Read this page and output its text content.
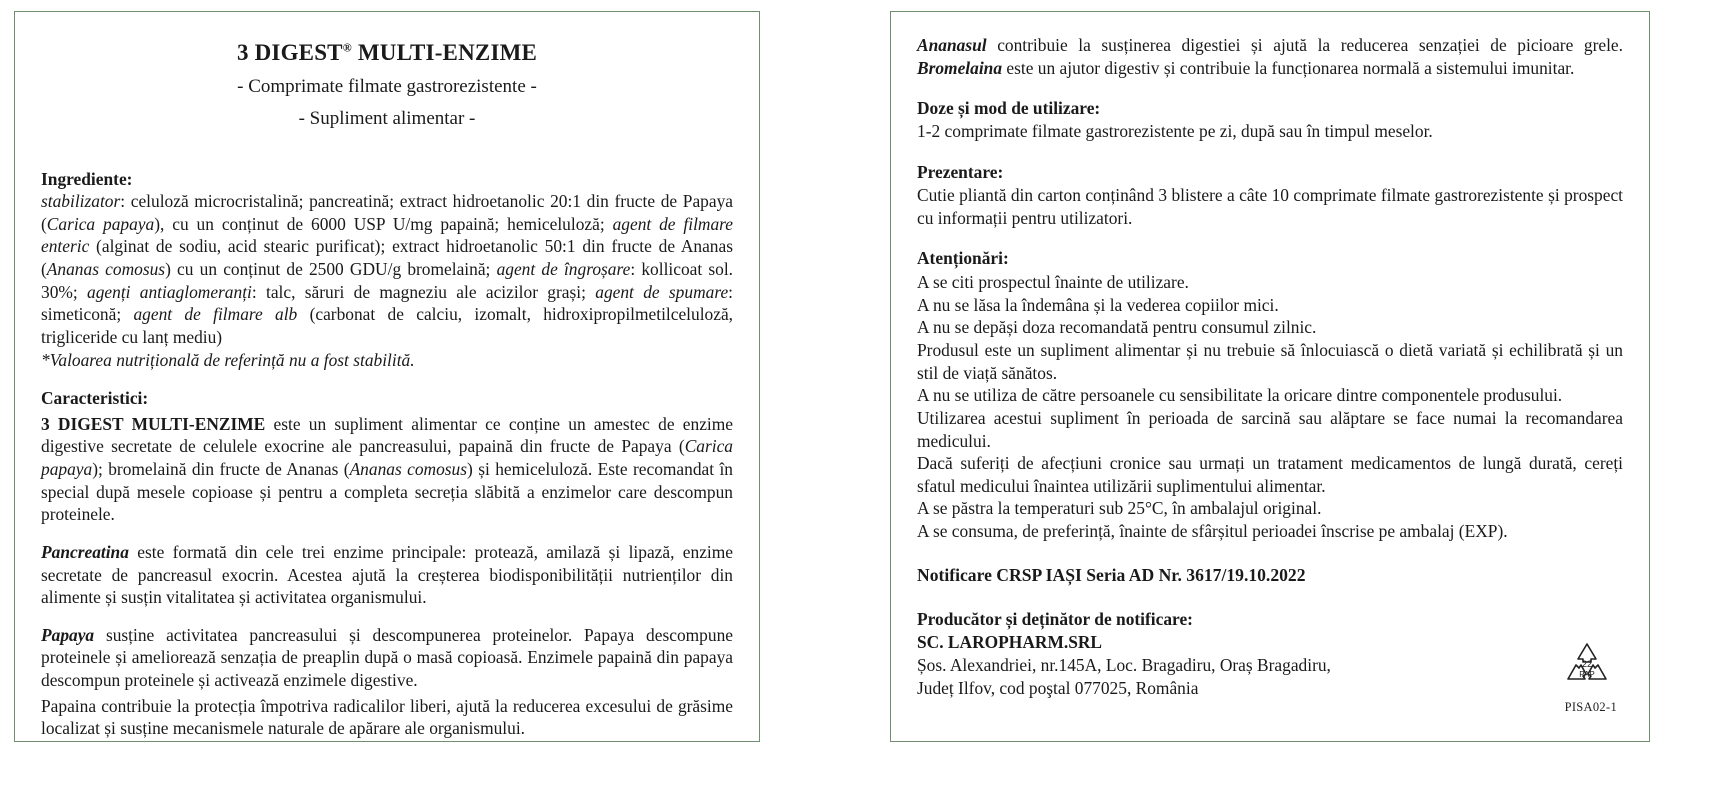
3 DIGEST® MULTI-ENZIME
- Comprimate filmate gastrorezistente -
- Supliment alimentar -
Ingrediente:
stabilizator: celuloză microcristalină; pancreatină; extract hidroetanolic 20:1 din fructe de Papaya (Carica papaya), cu un conținut de 6000 USP U/mg papaină; hemiceluloză; agent de filmare enteric (alginat de sodiu, acid stearic purificat); extract hidroetanolic 50:1 din fructe de Ananas (Ananas comosus) cu un conținut de 2500 GDU/g bromelaină; agent de îngroșare: kollicoat sol. 30%; agenți antiaglomeranți: talc, săruri de magneziu ale acizilor grași; agent de spumare: simeticonă; agent de filmare alb (carbonat de calciu, izomalt, hidroxipropilmetilceluloză, trigliceride cu lanț mediu)
*Valoarea nutrițională de referință nu a fost stabilită.
Caracteristici:
3 DIGEST MULTI-ENZIME este un supliment alimentar ce conține un amestec de enzime digestive secretate de celulele exocrine ale pancreasului, papaină din fructe de Papaya (Carica papaya); bromelaină din fructe de Ananas (Ananas comosus) și hemiceluloză. Este recomandat în special după mesele copioase și pentru a completa secreția slăbită a enzimelor care descompun proteinele.
Pancreatina este formată din cele trei enzime principale: protează, amilază și lipază, enzime secretate de pancreasul exocrin. Acestea ajută la creșterea biodisponibilității nutrienților din alimente și susțin vitalitatea și activitatea organismului.
Papaya susține activitatea pancreasului și descompunerea proteinelor. Papaya descompune proteinele și ameliorează senzația de preaplin după o masă copioasă. Enzimele papaină din papaya descompun proteinele și activează enzimele digestive.
Papaina contribuie la protecția împotriva radicalilor liberi, ajută la reducerea excesului de grăsime localizat și susține mecanismele naturale de apărare ale organismului.
Ananasul contribuie la susținerea digestiei și ajută la reducerea senzației de picioare grele. Bromelaina este un ajutor digestiv și contribuie la funcționarea normală a sistemului imunitar.
Doze și mod de utilizare:
1-2 comprimate filmate gastrorezistente pe zi, după sau în timpul meselor.
Prezentare:
Cutie pliantă din carton conținând 3 blistere a câte 10 comprimate filmate gastrorezistente și prospect cu informații pentru utilizatori.
Atenționări:
A se citi prospectul înainte de utilizare.
A nu se lăsa la îndemâna și la vederea copiilor mici.
A nu se depăși doza recomandată pentru consumul zilnic.
Produsul este un supliment alimentar și nu trebuie să înlocuiască o dietă variată și echilibrată și un stil de viață sănătos.
A nu se utiliza de către persoanele cu sensibilitate la oricare dintre componentele produsului.
Utilizarea acestui supliment în perioada de sarcină sau alăptare se face numai la recomandarea medicului.
Dacă suferiți de afecțiuni cronice sau urmați un tratament medicamentos de lungă durată, cereți sfatul medicului înaintea utilizării suplimentului alimentar.
A se păstra la temperaturi sub 25°C, în ambalajul original.
A se consuma, de preferință, înainte de sfârșitul perioadei înscrise pe ambalaj (EXP).
Notificare CRSP IAȘI Seria AD Nr. 3617/19.10.2022
Producător și deținător de notificare:
SC. LAROPHARM.SRL
Șos. Alexandriei, nr.145A, Loc. Bragadiru, Oraș Bragadiru,
Județ Ilfov, cod poştal 077025, România
22
PAP
PISA02-1
